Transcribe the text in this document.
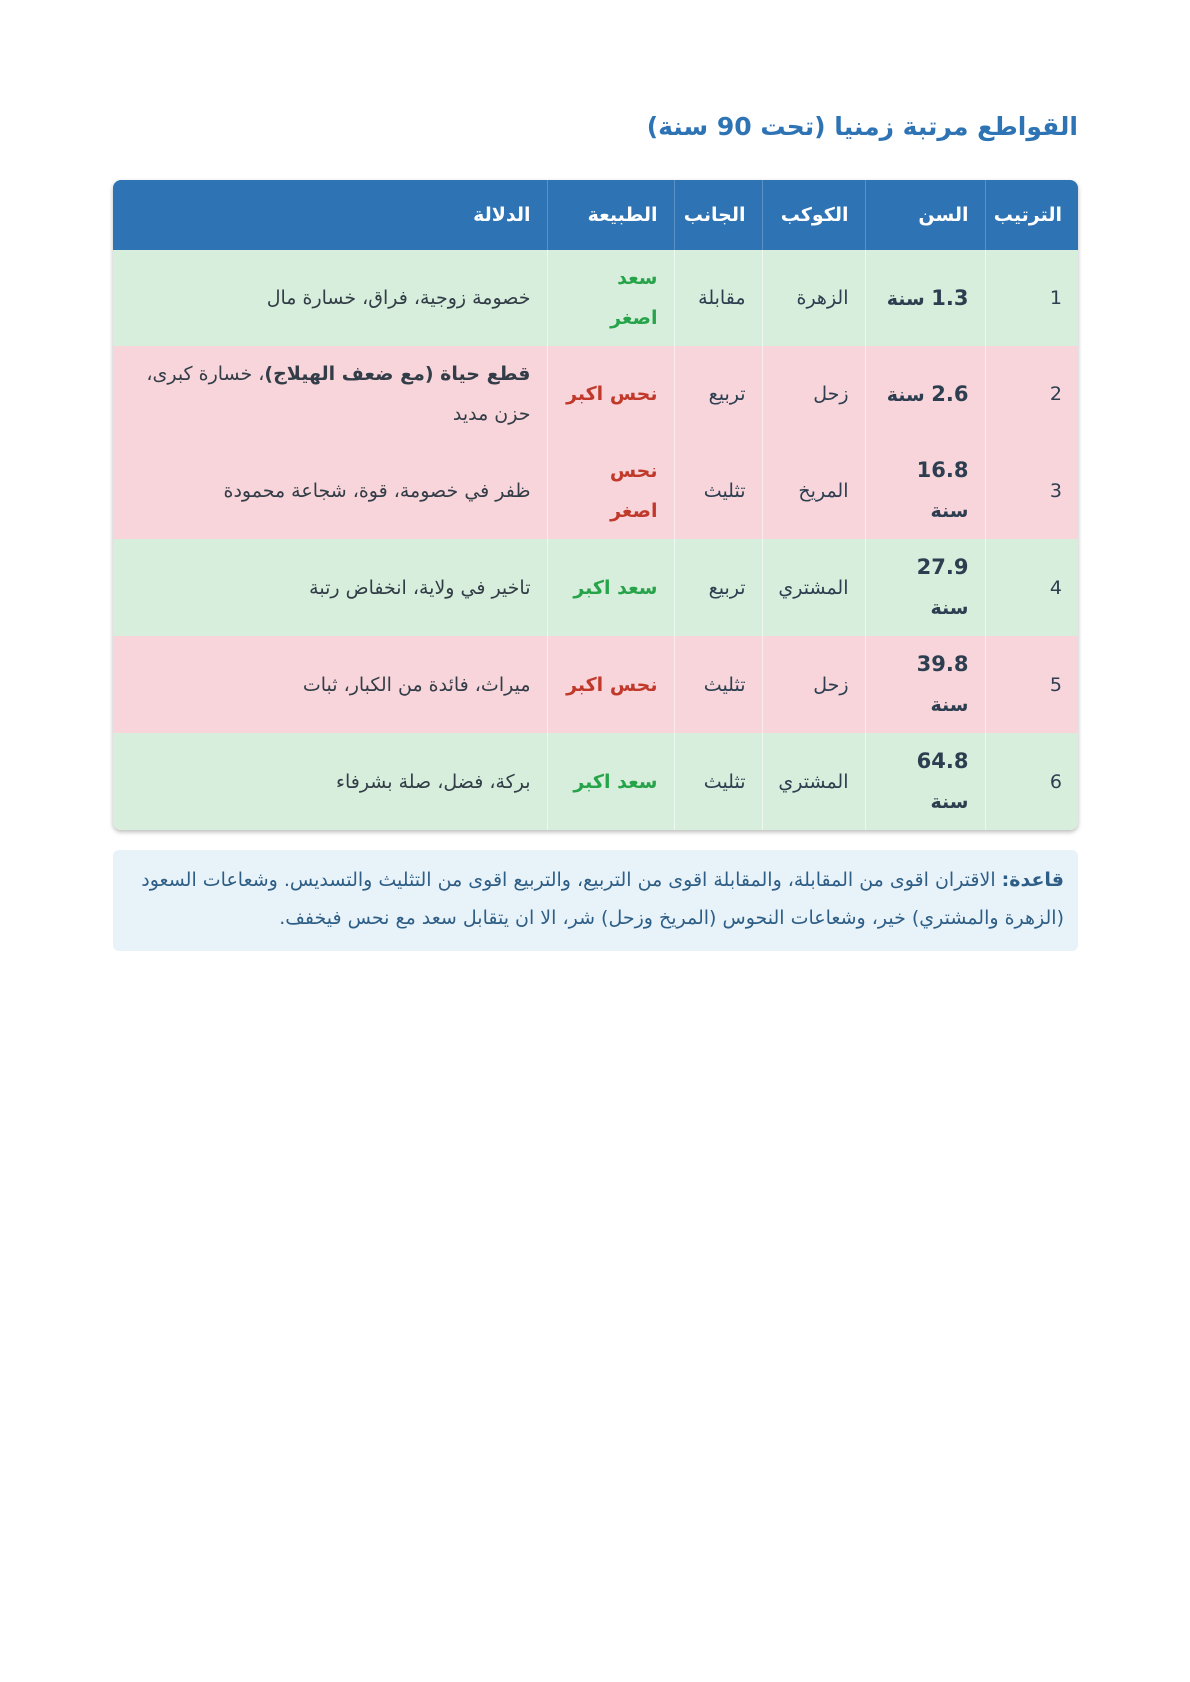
القواطع مرتبة زمنيا (تحت 90 سنة)
الترتيب	السن	الكوكب	الجانب	الطبيعة	الدلالة
1	1.3 سنة	الزهرة	مقابلة	سعد اصغر	خصومة زوجية، فراق، خسارة مال
2	2.6 سنة	زحل	تربيع	نحس اكبر	قطع حياة (مع ضعف الهيلاج)، خسارة كبرى، حزن مديد
3	16.8 سنة	المريخ	تثليث	نحس اصغر	ظفر في خصومة، قوة، شجاعة محمودة
4	27.9 سنة	المشتري	تربيع	سعد اكبر	تاخير في ولاية، انخفاض رتبة
5	39.8 سنة	زحل	تثليث	نحس اكبر	ميراث، فائدة من الكبار، ثبات
6	64.8 سنة	المشتري	تثليث	سعد اكبر	بركة، فضل، صلة بشرفاء
قاعدة: الاقتران اقوى من المقابلة، والمقابلة اقوى من التربيع، والتربيع اقوى من التثليث والتسديس. وشعاعات السعود (الزهرة والمشتري) خير، وشعاعات النحوس (المريخ وزحل) شر، الا ان يتقابل سعد مع نحس فيخفف.
